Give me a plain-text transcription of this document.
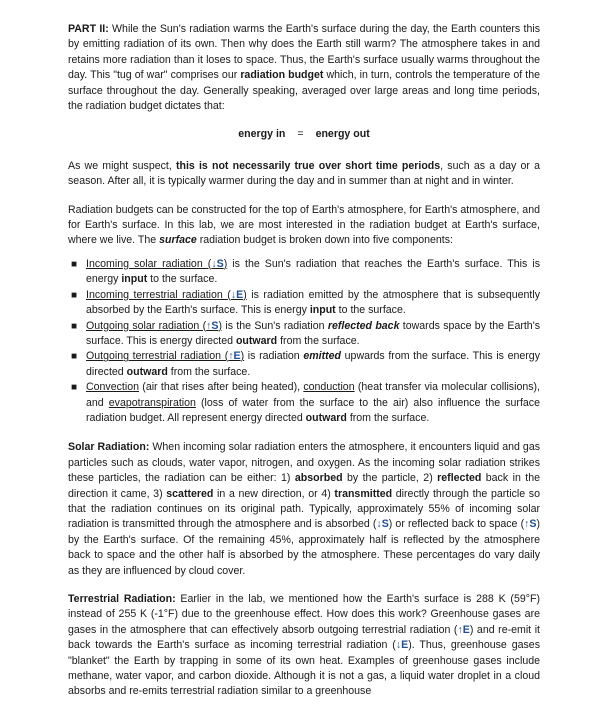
PART II: While the Sun's radiation warms the Earth's surface during the day, the Earth counters this by emitting radiation of its own. Then why does the Earth still warm? The atmosphere takes in and retains more radiation than it loses to space. Thus, the Earth's surface usually warms throughout the day. This "tug of war" comprises our radiation budget which, in turn, controls the temperature of the surface throughout the day. Generally speaking, averaged over large areas and long time periods, the radiation budget dictates that:

energy in = energy out

As we might suspect, this is not necessarily true over short time periods, such as a day or a season. After all, it is typically warmer during the day and in summer than at night and in winter.

Radiation budgets can be constructed for the top of Earth's atmosphere, for Earth's atmosphere, and for Earth's surface. In this lab, we are most interested in the radiation budget at Earth's surface, where we live. The surface radiation budget is broken down into five components:

■ Incoming solar radiation (↓S) is the Sun's radiation that reaches the Earth's surface. This is energy input to the surface.
■ Incoming terrestrial radiation (↓E) is radiation emitted by the atmosphere that is subsequently absorbed by the Earth's surface. This is energy input to the surface.
■ Outgoing solar radiation (↑S) is the Sun's radiation reflected back towards space by the Earth's surface. This is energy directed outward from the surface.
■ Outgoing terrestrial radiation (↑E) is radiation emitted upwards from the surface. This is energy directed outward from the surface.
■ Convection (air that rises after being heated), conduction (heat transfer via molecular collisions), and evapotranspiration (loss of water from the surface to the air) also influence the surface radiation budget. All represent energy directed outward from the surface.

Solar Radiation: When incoming solar radiation enters the atmosphere, it encounters liquid and gas particles such as clouds, water vapor, nitrogen, and oxygen. As the incoming solar radiation strikes these particles, the radiation can be either: 1) absorbed by the particle, 2) reflected back in the direction it came, 3) scattered in a new direction, or 4) transmitted directly through the particle so that the radiation continues on its original path. Typically, approximately 55% of incoming solar radiation is transmitted through the atmosphere and is absorbed (↓S) or reflected back to space (↑S) by the Earth's surface. Of the remaining 45%, approximately half is reflected by the atmosphere back to space and the other half is absorbed by the atmosphere. These percentages do vary daily as they are influenced by cloud cover.

Terrestrial Radiation: Earlier in the lab, we mentioned how the Earth's surface is 288 K (59°F) instead of 255 K (-1°F) due to the greenhouse effect. How does this work? Greenhouse gases are gases in the atmosphere that can effectively absorb outgoing terrestrial radiation (↑E) and re-emit it back towards the Earth's surface as incoming terrestrial radiation (↓E). Thus, greenhouse gases "blanket" the Earth by trapping in some of its own heat. Examples of greenhouse gases include methane, water vapor, and carbon dioxide. Although it is not a gas, a liquid water droplet in a cloud absorbs and re-emits terrestrial radiation similar to a greenhouse
